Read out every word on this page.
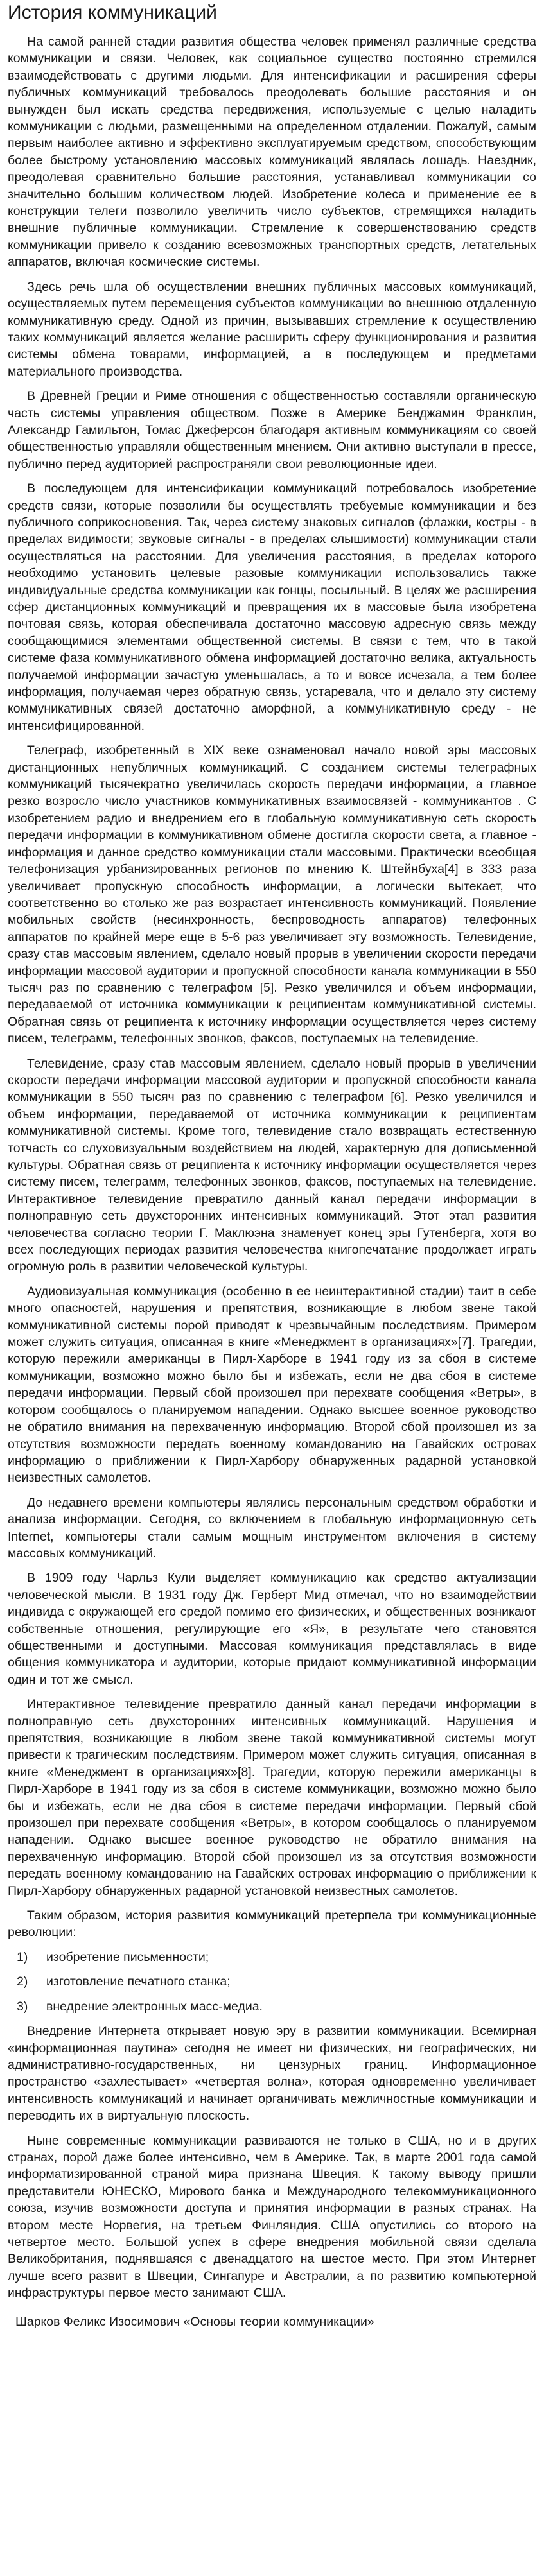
История коммуникаций

На самой ранней стадии развития общества человек применял различные средства коммуникации и связи. Человек, как социальное существо постоянно стремился взаимодействовать с другими людьми. Для интенсификации и расширения сферы публичных коммуникаций требовалось преодолевать большие расстояния и он вынужден был искать средства передвижения, используемые с целью наладить коммуникации с людьми, размещенными на определенном отдалении. Пожалуй, самым первым наиболее активно и эффективно эксплуатируемым средством, способствующим более быстрому установлению массовых коммуникаций являлась лошадь. Наездник, преодолевая сравнительно большие расстояния, устанавливал коммуникации со значительно большим количеством людей. Изобретение колеса и применение ее в конструкции телеги позволило увеличить число субъектов, стремящихся наладить внешние публичные коммуникации. Стремление к совершенствованию средств коммуникации привело к созданию всевозможных транспортных средств, летательных аппаратов, включая космические системы.

Здесь речь шла об осуществлении внешних публичных массовых коммуникаций, осуществляемых путем перемещения субъектов коммуникации во внешнюю отдаленную коммуникативную среду. Одной из причин, вызывавших стремление к осуществлению таких коммуникаций является желание расширить сферу функционирования и развития системы обмена товарами, информацией, а в последующем и предметами материального производства.

В Древней Греции и Риме отношения с общественностью составляли органическую часть системы управления обществом. Позже в Америке Бенджамин Франклин, Александр Гамильтон, Томас Джеферсон благодаря активным коммуникациям со своей общественностью управляли общественным мнением. Они активно выступали в прессе, публично перед аудиторией распространяли свои революционные идеи.

В последующем для интенсификации коммуникаций потребовалось изобретение средств связи, которые позволили бы осуществлять требуемые коммуникации и без публичного соприкосновения. Так, через систему знаковых сигналов (флажки, костры - в пределах видимости; звуковые сигналы - в пределах слышимости) коммуникации стали осуществляться на расстоянии. Для увеличения расстояния, в пределах которого необходимо установить целевые разовые коммуникации использовались также индивидуальные средства коммуникации как гонцы, посыльный. В целях же расширения сфер дистанционных коммуникаций и превращения их в массовые была изобретена почтовая связь, которая обеспечивала достаточно массовую адресную связь между сообщающимися элементами общественной системы. В связи с тем, что в такой системе фаза коммуникативного обмена информацией достаточно велика, актуальность получаемой информации зачастую уменьшалась, а то и вовсе исчезала, а тем более информация, получаемая через обратную связь, устаревала, что и делало эту систему коммуникативных связей достаточно аморфной, а коммуникативную среду - не интенсифицированной.

Телеграф, изобретенный в XIX веке ознаменовал начало новой эры массовых дистанционных непубличных коммуникаций. С созданием системы телеграфных коммуникаций тысячекратно увеличилась скорость передачи информации, а главное резко возросло число участников коммуникативных взаимосвязей - коммуникантов . С изобретением радио и внедрением его в глобальную коммуникативную сеть скорость передачи информации в коммуникативном обмене достигла скорости света, а главное - информация и данное средство коммуникации стали массовыми. Практически всеобщая телефонизация урбанизированных регионов по мнению К. Штейнбуха[4] в 333 раза увеличивает пропускную способность информации, а логически вытекает, что соответственно во столько же раз возрастает интенсивность коммуникаций. Появление мобильных свойств (несинхронность, беспроводность аппаратов) телефонных аппаратов по крайней мере еще в 5-6 раз увеличивает эту возможность. Телевидение, сразу став массовым явлением, сделало новый прорыв в увеличении скорости передачи информации массовой аудитории и пропускной способности канала коммуникации в 550 тысяч раз по сравнению с телеграфом [5]. Резко увеличился и объем информации, передаваемой от источника коммуникации к реципиентам коммуникативной системы. Обратная связь от реципиента к источнику информации осуществляется через систему писем, телеграмм, телефонных звонков, факсов, поступаемых на телевидение.

Телевидение, сразу став массовым явлением, сделало новый прорыв в увеличении скорости передачи информации массовой аудитории и пропускной способности канала коммуникации в 550 тысяч раз по сравнению с телеграфом [6]. Резко увеличился и объем информации, передаваемой от источника коммуникации к реципиентам коммуникативной системы. Кроме того, телевидение стало возвращать естественную тотчасть со слуховизуальным воздействием на людей, характерную для дописьменной культуры. Обратная связь от реципиента к источнику информации осуществляется через систему писем, телеграмм, телефонных звонков, факсов, поступаемых на телевидение. Интерактивное телевидение превратило данный канал передачи информации в полноправную сеть двухсторонних интенсивных коммуникаций. Этот этап развития человечества согласно теории Г. Маклюэна знаменует конец эры Гутенберга, хотя во всех последующих периодах развития человечества книгопечатание продолжает играть огромную роль в развитии человеческой культуры.

Аудиовизуальная коммуникация (особенно в ее неинтерактивной стадии) таит в себе много опасностей, нарушения и препятствия, возникающие в любом звене такой коммуникативной системы порой приводят к чрезвычайным последствиям. Примером может служить ситуация, описанная в книге «Менеджмент в организациях»[7]. Трагедии, которую пережили американцы в Пирл-Харборе в 1941 году из за сбоя в системе коммуникации, возможно можно было бы и избежать, если не два сбоя в системе передачи информации. Первый сбой произошел при перехвате сообщения «Ветры», в котором сообщалось о планируемом нападении. Однако высшее военное руководство не обратило внимания на перехваченную информацию. Второй сбой произошел из за отсутствия возможности передать военному командованию на Гавайских островах информацию о приближении к Пирл-Харбору обнаруженных радарной установкой неизвестных самолетов.

До недавнего времени компьютеры являлись персональным средством обработки и анализа информации. Сегодня, со включением в глобальную информационную сеть Internet, компьютеры стали самым мощным инструментом включения в систему массовых коммуникаций.

В 1909 году Чарльз Кули выделяет коммуникацию как средство актуализации человеческой мысли. В 1931 году Дж. Герберт Мид отмечал, что но взаимодействии индивида с окружающей его средой помимо его физических, и общественных возникают собственные отношения, регулирующие его «Я», в результате чего становятся общественными и доступными. Массовая коммуникация представлялась в виде общения коммуникатора и аудитории, которые придают коммуникативной информации один и тот же смысл.

Интерактивное телевидение превратило данный канал передачи информации в полноправную сеть двухсторонних интенсивных коммуникаций. Нарушения и препятствия, возникающие в любом звене такой коммуникативной системы могут привести к трагическим последствиям. Примером может служить ситуация, описанная в книге «Менеджмент в организациях»[8]. Трагедии, которую пережили американцы в Пирл-Харборе в 1941 году из за сбоя в системе коммуникации, возможно можно было бы и избежать, если не два сбоя в системе передачи информации. Первый сбой произошел при перехвате сообщения «Ветры», в котором сообщалось о планируемом нападении. Однако высшее военное руководство не обратило внимания на перехваченную информацию. Второй сбой произошел из за отсутствия возможности передать военному командованию на Гавайских островах информацию о приближении к Пирл-Харбору обнаруженных радарной установкой неизвестных самолетов.

Таким образом, история развития коммуникаций претерпела три коммуникационные революции:

1)	изобретение письменности;
2)	изготовление печатного станка;
3)	внедрение электронных масс-медиа.

Внедрение Интернета открывает новую эру в развитии коммуникации. Всемирная «информационная паутина» сегодня не имеет ни физических, ни географических, ни административно-государственных, ни цензурных границ. Информационное пространство «захлестывает» «четвертая волна», которая одновременно увеличивает интенсивность коммуникаций и начинает органичивать межличностные коммуникации и переводить их в виртуальную плоскость.

Ныне современные коммуникации развиваются не только в США, но и в других странах, порой даже более интенсивно, чем в Америке. Так, в марте 2001 года самой информатизированной страной мира признана Швеция. К такому выводу пришли представители ЮНЕСКО, Мирового банка и Международного телекоммуникационного союза, изучив возможности доступа и принятия информации в разных странах. На втором месте Норвегия, на третьем Финляндия. США опустились со второго на четвертое место. Большой успех в сфере внедрения мобильной связи сделала Великобритания, поднявшаяся с двенадцатого на шестое место. При этом Интернет лучше всего развит в Швеции, Сингапуре и Австралии, а по развитию компьютерной инфраструктуры первое место занимают США.

Шарков Феликс Изосимович «Основы теории коммуникации»
